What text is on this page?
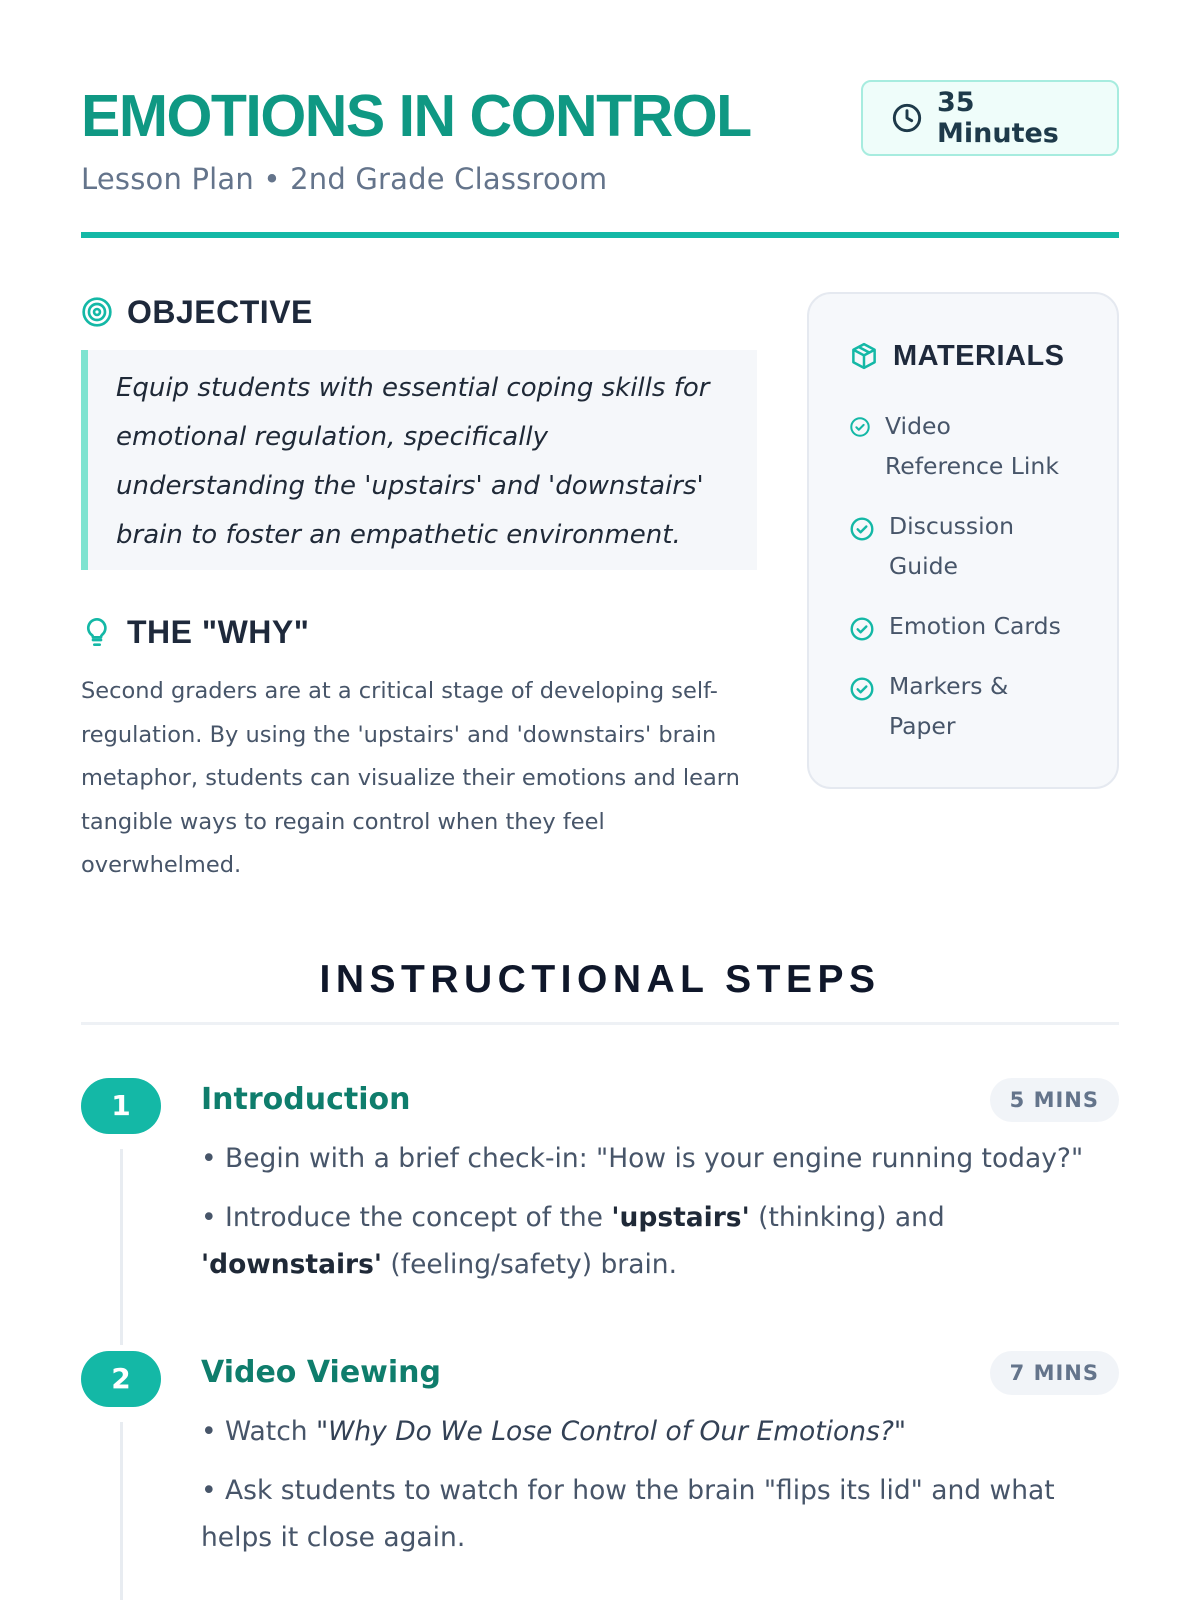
EMOTIONS IN CONTROL
Lesson Plan • 2nd Grade Classroom
35 Minutes
OBJECTIVE
Equip students with essential coping skills for emotional regulation, specifically understanding the 'upstairs' and 'downstairs' brain to foster an empathetic environment.
THE "WHY"

Second graders are at a critical stage of developing self-regulation. By using the 'upstairs' and 'downstairs' brain metaphor, students can visualize their emotions and learn tangible ways to regain control when they feel overwhelmed.

MATERIALS
Video Reference Link
Discussion Guide
Emotion Cards
Markers & Paper
INSTRUCTIONAL STEPS
1	Introduction	5 MINS
• Begin with a brief check-in: "How is your engine running today?"
• Introduce the concept of the 'upstairs' (thinking) and 'downstairs' (feeling/safety) brain.
2	Video Viewing	7 MINS
• Watch "Why Do We Lose Control of Our Emotions?"
• Ask students to watch for how the brain "flips its lid" and what helps it close again.
